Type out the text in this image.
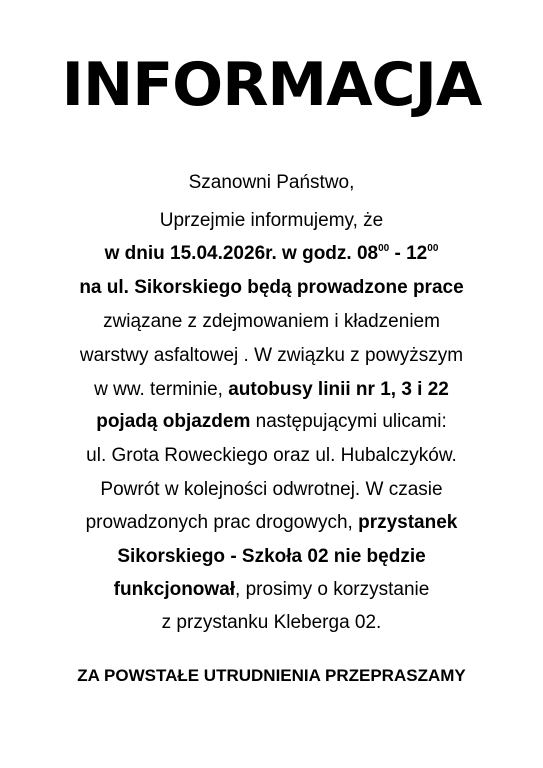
INFORMACJA
Szanowni Państwo,
Uprzejmie informujemy, że
w dniu 15.04.2026r. w godz. $08^{00} - 12^{00}$
na ul. Sikorskiego będą prowadzone prace
związane z zdejmowaniem i kładzeniem
warstwy asfaltowej . W związku z powyższym
w ww. terminie, autobusy linii nr 1, 3 i 22
pojadą objazdem następującymi ulicami:
ul. Grota Roweckiego oraz ul. Hubalczyków.
Powrót w kolejności odwrotnej. W czasie
prowadzonych prac drogowych, przystanek
Sikorskiego - Szkoła 02 nie będzie
funkcjonował, prosimy o korzystanie
z przystanku Kleberga 02.
ZA POWSTAŁE UTRUDNIENIA PRZEPRASZAMY
